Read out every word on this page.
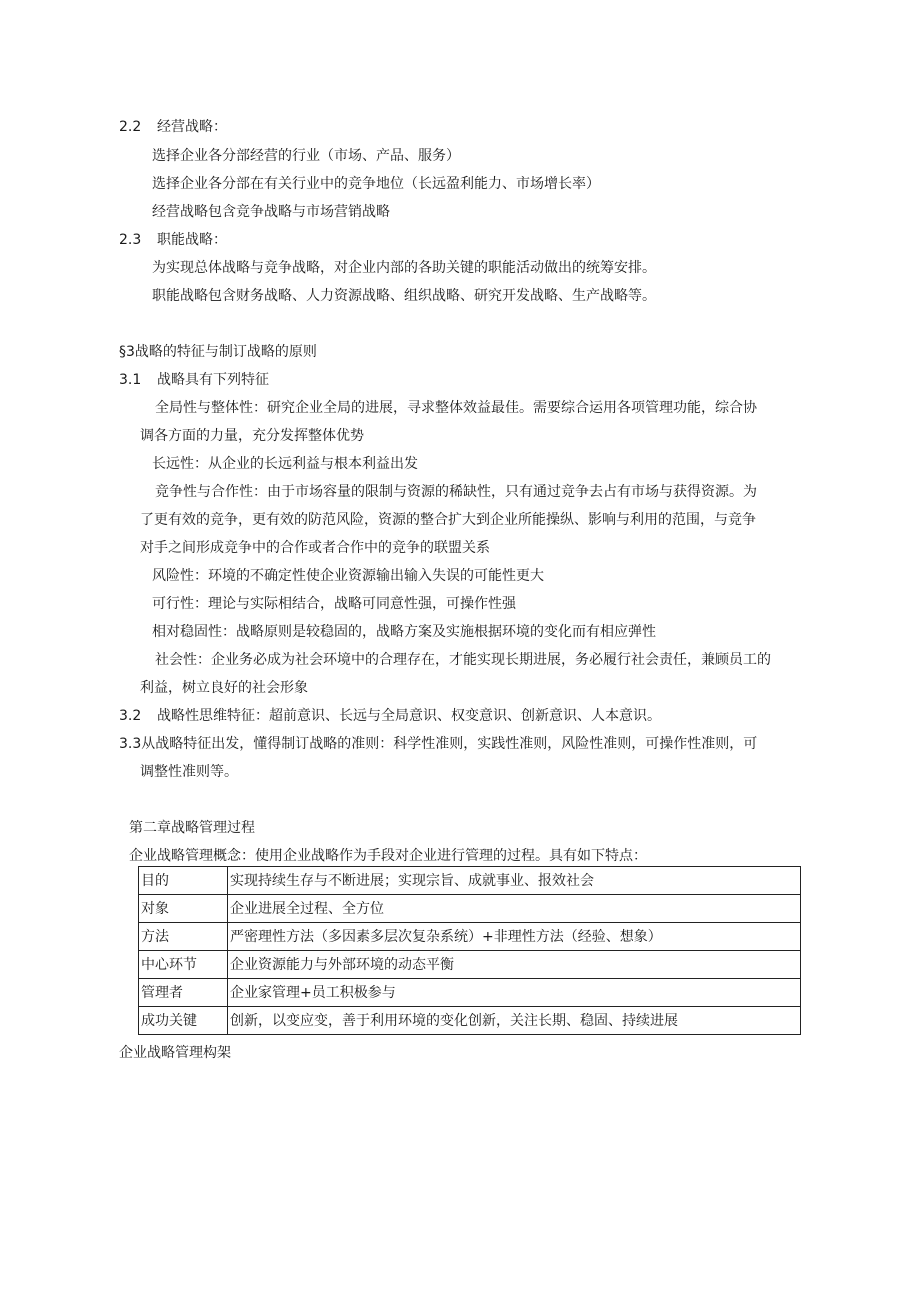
2.2 经营战略：
选择企业各分部经营的行业（市场、产品、服务）
选择企业各分部在有关行业中的竞争地位（长远盈利能力、市场增长率）
经营战略包含竞争战略与市场营销战略
2.3 职能战略：
为实现总体战略与竞争战略，对企业内部的各助关键的职能活动做出的统筹安排。
职能战略包含财务战略、人力资源战略、组织战略、研究开发战略、生产战略等。
§3战略的特征与制订战略的原则
3.1 战略具有下列特征
全局性与整体性：研究企业全局的进展，寻求整体效益最佳。需要综合运用各项管理功能，综合协
调各方面的力量，充分发挥整体优势
长远性：从企业的长远利益与根本利益出发
竞争性与合作性：由于市场容量的限制与资源的稀缺性，只有通过竞争去占有市场与获得资源。为
了更有效的竞争，更有效的防范风险，资源的整合扩大到企业所能操纵、影响与利用的范围，与竞争
对手之间形成竞争中的合作或者合作中的竞争的联盟关系
风险性：环境的不确定性使企业资源输出输入失误的可能性更大
可行性：理论与实际相结合，战略可同意性强，可操作性强
相对稳固性：战略原则是较稳固的，战略方案及实施根据环境的变化而有相应弹性
社会性：企业务必成为社会环境中的合理存在，才能实现长期进展，务必履行社会责任，兼顾员工的
利益，树立良好的社会形象
3.2 战略性思维特征：超前意识、长远与全局意识、权变意识、创新意识、人本意识。
3.3从战略特征出发，懂得制订战略的准则：科学性准则，实践性准则，风险性准则，可操作性准则，可
调整性准则等。
第二章战略管理过程
企业战略管理概念：使用企业战略作为手段对企业进行管理的过程。具有如下特点：
目的	实现持续生存与不断进展；实现宗旨、成就事业、报效社会
对象	企业进展全过程、全方位
方法	严密理性方法（多因素多层次复杂系统）+非理性方法（经验、想象）
中心环节	企业资源能力与外部环境的动态平衡
管理者	企业家管理+员工积极参与
成功关键	创新，以变应变，善于利用环境的变化创新，关注长期、稳固、持续进展
企业战略管理构架
